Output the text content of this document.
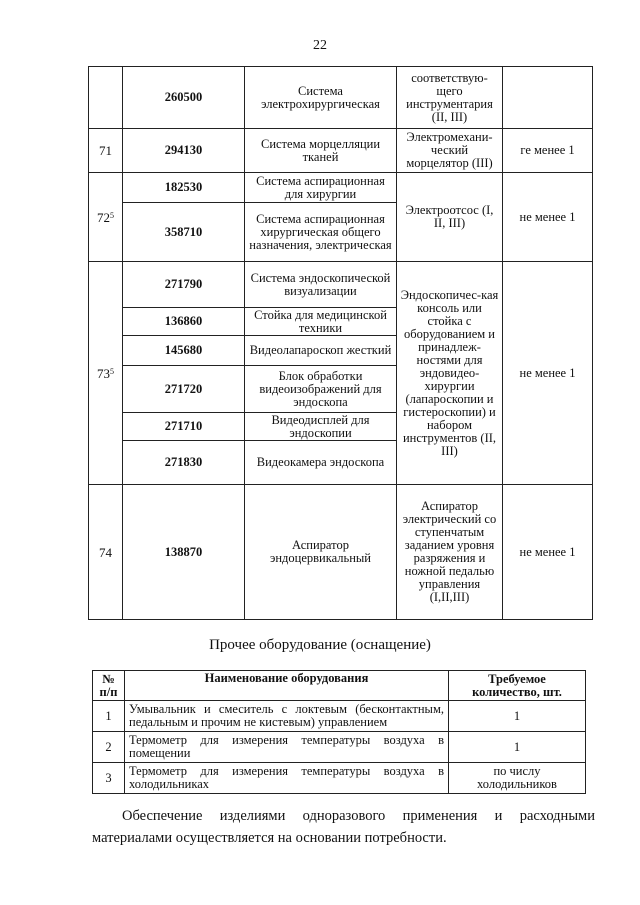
22
	260500	Система электрохирургическая	соответствую-щего инструментария (II, III)	
71	294130	Система морцелляции тканей	Электромехани-ческий морцелятор (III)	ге менее 1
$72^5$	182530	Система аспирационная для хирургии	Электроотсос (I, II, III)	не менее 1
	358710	Система аспирационная хирургическая общего назначения, электрическая		
$73^5$	271790	Система эндоскопической визуализации	Эндоскопичес-кая консоль или стойка с оборудованием и принадлеж-ностями для эндовидео-хирургии (лапароскопии и гистероскопии) и набором инструментов (II, III)	не менее 1
	136860	Стойка для медицинской техники		
	145680	Видеолапароскоп жесткий		
	271720	Блок обработки видеоизображений для эндоскопа		
	271710	Видеодисплей для эндоскопии		
	271830	Видеокамера эндоскопа		
74	138870	Аспиратор эндоцервикальный	Аспиратор электрический со ступенчатым заданием уровня разряжения и ножной педалью управления (I,II,III)	не менее 1
Прочее оборудование (оснащение)
№ п/п	Наименование оборудования	Требуемое количество, шт.
1	Умывальник и смеситель с локтевым (бесконтактным, педальным и прочим не кистевым) управлением	1
2	Термометр для измерения температуры воздуха в помещении	1
3	Термометр для измерения температуры воздуха в холодильниках	по числу холодильников
Обеспечение изделиями одноразового применения и расходными материалами осуществляется на основании потребности.
